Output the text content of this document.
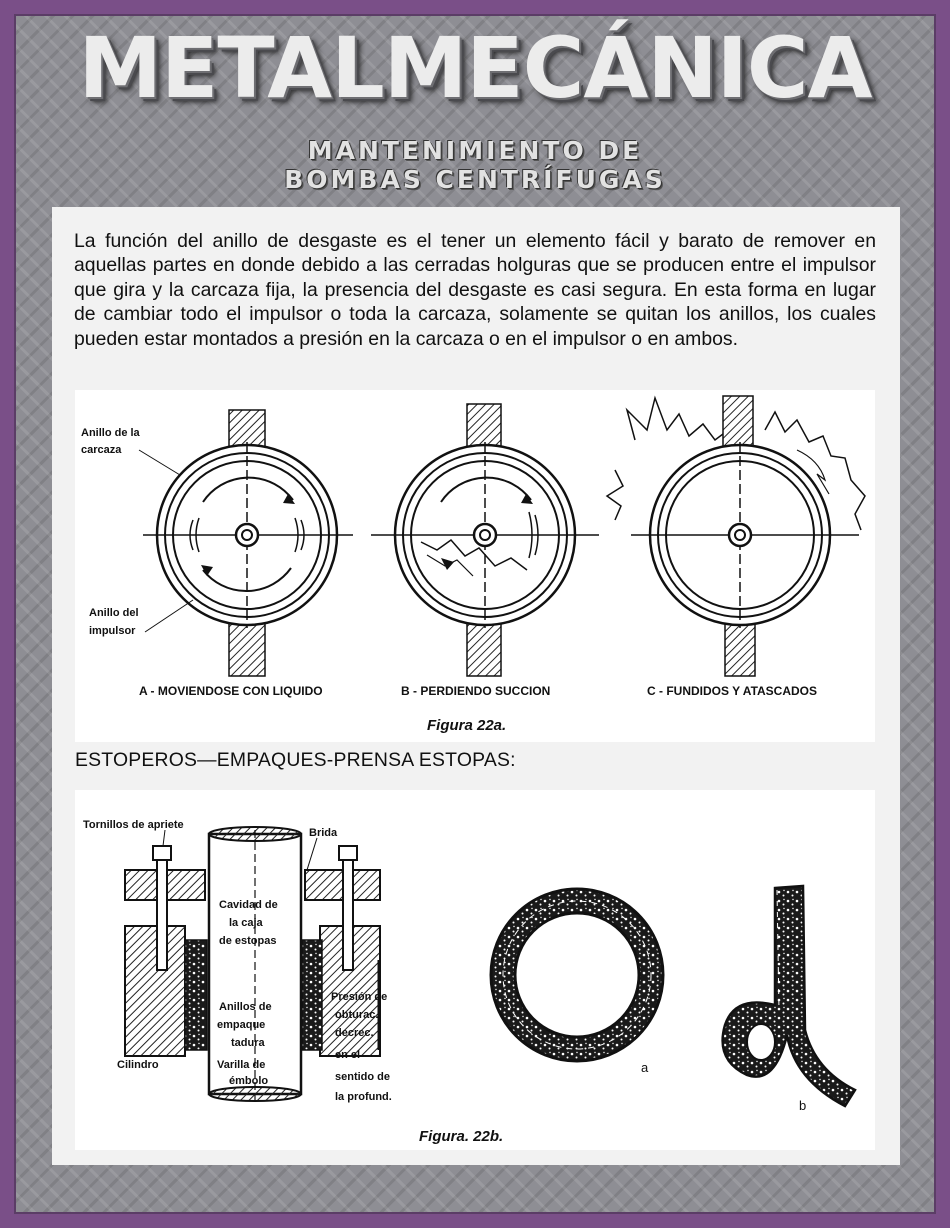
METALMECÁNICA
MANTENIMIENTO DE
BOMBAS CENTRÍFUGAS

La función del anillo de desgaste es el tener un elemento fácil y barato de remover en aquellas partes en donde debido a las cerradas holguras que se producen entre el impulsor que gira y la carcaza fija, la presencia del desgaste es casi segura. En esta forma en lugar de cambiar todo el impulsor o toda la carcaza, solamente se quitan los anillos, los cuales pueden estar montados a presión en la carcaza o en el impulsor o en ambos.

Anillo de la
carcaza
Anillo del
impulsor
A - MOVIENDOSE CON LIQUIDO	B - PERDIENDO SUCCION	C - FUNDIDOS Y ATASCADOS
Figura 22a.
ESTOPEROS—EMPAQUES-PRENSA ESTOPAS:
Tornillos de apriete
Brida
Cavidad de
la caja
de estopas
Anillos de
empaque
tadura
Cilindro	Varilla de
émbolo
Presión de
obturac.
decrec.
en el
sentido de
la profund.
a
b
Figura. 22b.
